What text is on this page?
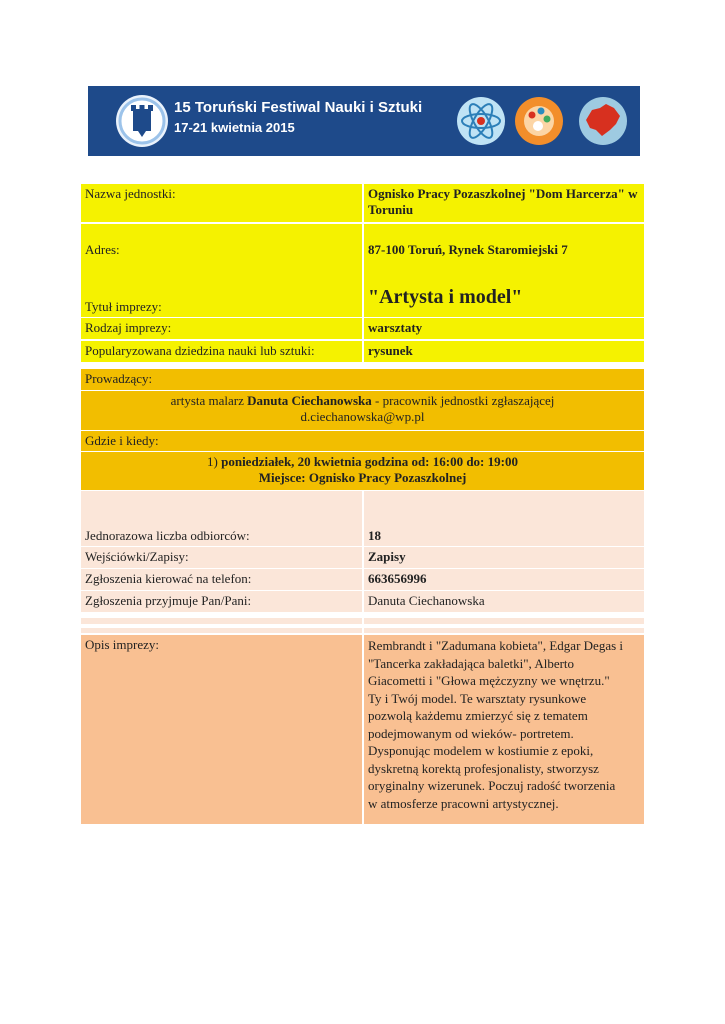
15 Toruński Festiwal Nauki i Sztuki
17-21 kwietnia 2015
Nazwa jednostki:	Ognisko Pracy Pozaszkolnej "Dom Harcerza" w Toruniu
Adres:	87-100 Toruń, Rynek Staromiejski 7
Tytuł imprezy:	"Artysta i model"
Rodzaj imprezy:	warsztaty
Popularyzowana dziedzina nauki lub sztuki:	rysunek
Prowadzący:
artysta malarz Danuta Ciechanowska - pracownik jednostki zgłaszającej
d.ciechanowska@wp.pl
Gdzie i kiedy:
1) poniedziałek, 20 kwietnia godzina od: 16:00 do: 19:00
Miejsce: Ognisko Pracy Pozaszkolnej
Jednorazowa liczba odbiorców:	18
Wejściówki/Zapisy:	Zapisy
Zgłoszenia kierować na telefon:	663656996
Zgłoszenia przyjmuje Pan/Pani:	Danuta Ciechanowska
Opis imprezy:	Rembrandt i "Zadumana kobieta", Edgar Degas i "Tancerka zakładająca baletki", Alberto Giacometti i "Głowa mężczyzny we wnętrzu." Ty i Twój model. Te warsztaty rysunkowe pozwolą każdemu zmierzyć się z tematem podejmowanym od wieków- portretem. Dysponując modelem w kostiumie z epoki, dyskretną korektą profesjonalisty, stworzysz oryginalny wizerunek. Poczuj radość tworzenia w atmosferze pracowni artystycznej.
